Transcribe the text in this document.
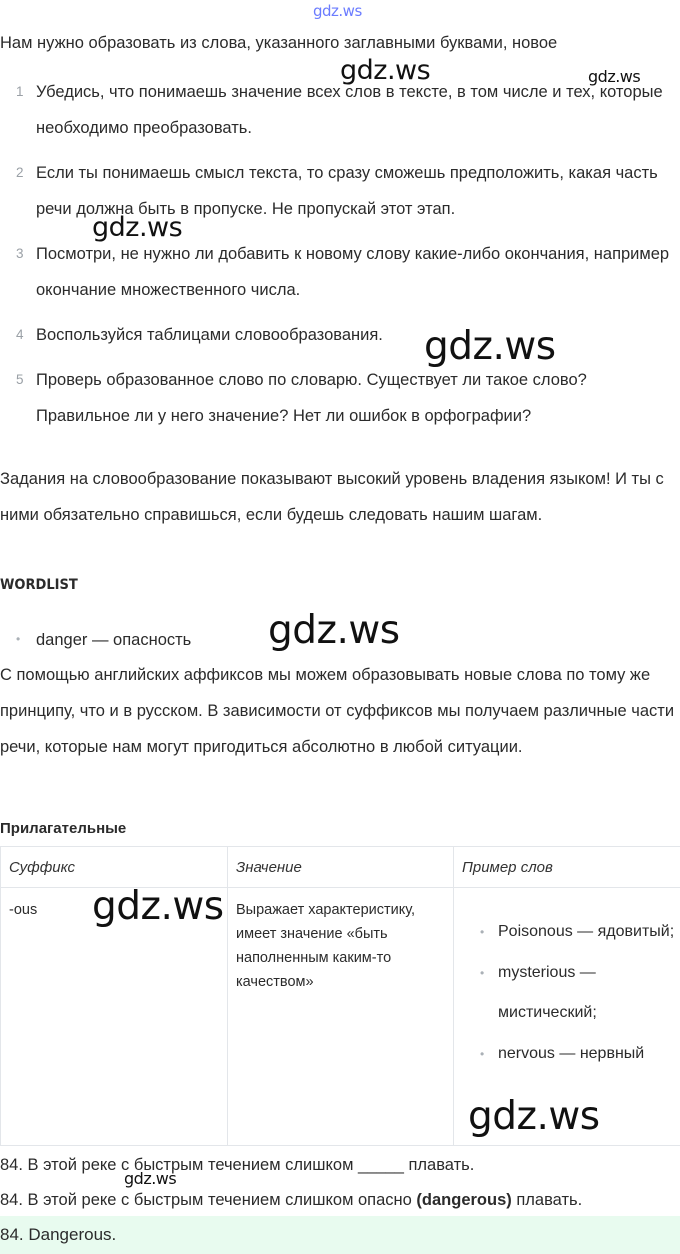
gdz.ws
gdz.ws	gdz.ws
gdz.ws
gdz.ws
gdz.ws
gdz.ws
gdz.ws
gdz.ws
Нам нужно образовать из слова, указанного заглавными буквами, новое
1 Убедись, что понимаешь значение всех слов в тексте, в том числе и тех, которые необходимо преобразовать.
2 Если ты понимаешь смысл текста, то сразу сможешь предположить, какая часть речи должна быть в пропуске. Не пропускай этот этап.
3 Посмотри, не нужно ли добавить к новому слову какие-либо окончания, например окончание множественного числа.
4 Воспользуйся таблицами словообразования.
5 Проверь образованное слово по словарю. Существует ли такое слово? Правильное ли у него значение? Нет ли ошибок в орфографии?
Задания на словообразование показывают высокий уровень владения языком! И ты с ними обязательно справишься, если будешь следовать нашим шагам.
WORDLIST
• danger — опасность
С помощью английских аффиксов мы можем образовывать новые слова по тому же принципу, что и в русском. В зависимости от суффиксов мы получаем различные части речи, которые нам могут пригодиться абсолютно в любой ситуации.
Прилагательные
Суффикс	Значение	Пример слов

-ous	Выражает характеристику, имеет значение «быть наполненным каким-то качеством»	• Poisonous — ядовитый;
• mysterious — мистический;
• nervous — нервный
84. В этой реке с быстрым течением слишком _____ плавать.
84. В этой реке с быстрым течением слишком опасно (dangerous) плавать.
84. Dangerous.
